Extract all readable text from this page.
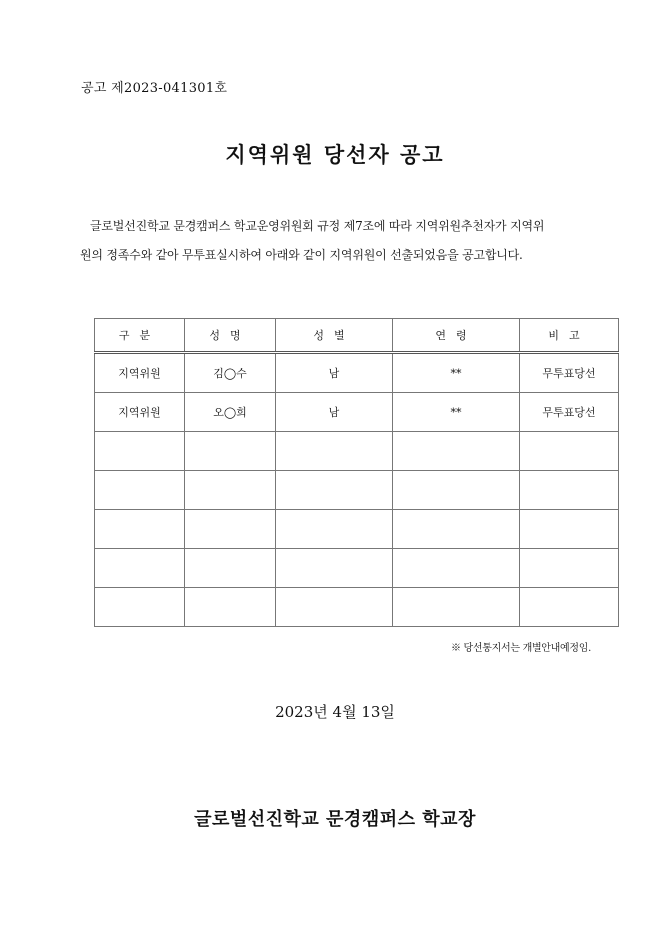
공고 제2023-041301호
지역위원 당선자 공고

글로벌선진학교 문경캠퍼스 학교운영위원회 규정 제7조에 따라 지역위원추천자가 지역위

원의 정족수와 같아 무투표실시하여 아래와 같이 지역위원이 선출되었음을 공고합니다.

구분	성명	성별	연령	비고
지역위원	김◯수	남	**	무투표당선
지역위원	오◯희	남	**	무투표당선

※ 당선통지서는 개별안내예정임.
2023년 4월 13일
글로벌선진학교 문경캠퍼스 학교장
